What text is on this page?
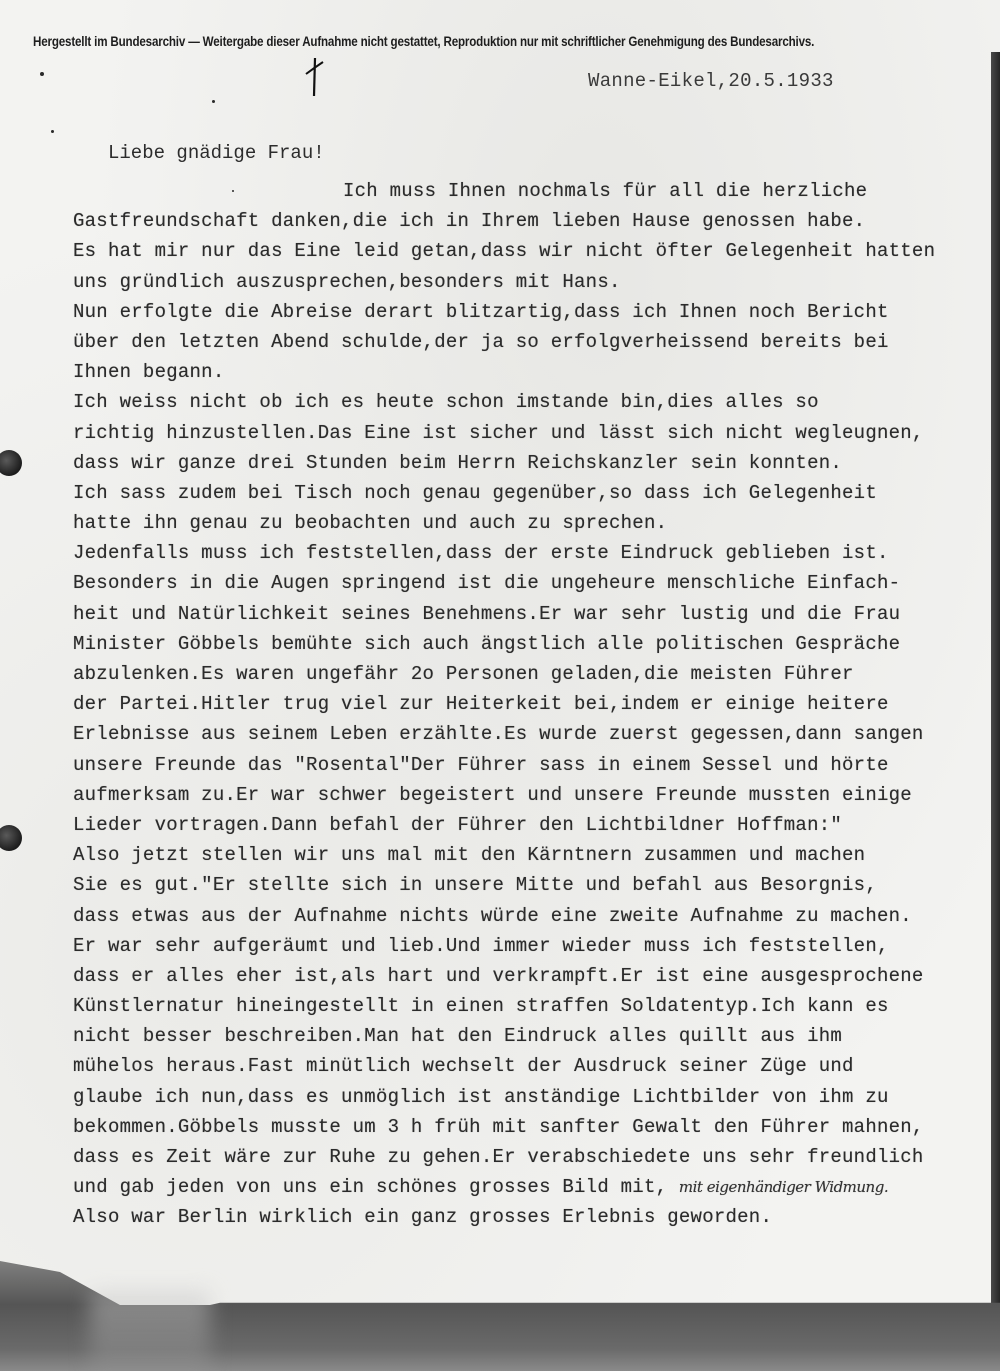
Hergestellt im Bundesarchiv — Weitergabe dieser Aufnahme nicht gestattet, Reproduktion nur mit schriftlicher Genehmigung des Bundesarchivs.
Wanne-Eikel,20.5.1933
Liebe gnädige Frau!
Ich muss Ihnen nochmals für all die herzliche
Gastfreundschaft danken,die ich in Ihrem lieben Hause genossen habe.
Es hat mir nur das Eine leid getan,dass wir nicht öfter Gelegenheit hatten
uns gründlich auszusprechen,besonders mit Hans.
Nun erfolgte die Abreise derart blitzartig,dass ich Ihnen noch Bericht
über den letzten Abend schulde,der ja so erfolgverheissend bereits bei
Ihnen begann.
Ich weiss nicht ob ich es heute schon imstande bin,dies alles so
richtig hinzustellen.Das Eine ist sicher und lässt sich nicht wegleugnen,
dass wir ganze drei Stunden beim Herrn Reichskanzler sein konnten.
Ich sass zudem bei Tisch noch genau gegenüber,so dass ich Gelegenheit
hatte ihn genau zu beobachten und auch zu sprechen.
Jedenfalls muss ich feststellen,dass der erste Eindruck geblieben ist.
Besonders in die Augen springend ist die ungeheure menschliche Einfach-
heit und Natürlichkeit seines Benehmens.Er war sehr lustig und die Frau
Minister Göbbels bemühte sich auch ängstlich alle politischen Gespräche
abzulenken.Es waren ungefähr 2o Personen geladen,die meisten Führer
der Partei.Hitler trug viel zur Heiterkeit bei,indem er einige heitere
Erlebnisse aus seinem Leben erzählte.Es wurde zuerst gegessen,dann sangen
unsere Freunde das "Rosental"Der Führer sass in einem Sessel und hörte
aufmerksam zu.Er war schwer begeistert und unsere Freunde mussten einige
Lieder vortragen.Dann befahl der Führer den Lichtbildner Hoffman:"
Also jetzt stellen wir uns mal mit den Kärntnern zusammen und machen
Sie es gut."Er stellte sich in unsere Mitte und befahl aus Besorgnis,
dass etwas aus der Aufnahme nichts würde eine zweite Aufnahme zu machen.
Er war sehr aufgeräumt und lieb.Und immer wieder muss ich feststellen,
dass er alles eher ist,als hart und verkrampft.Er ist eine ausgesprochene
Künstlernatur hineingestellt in einen straffen Soldatentyp.Ich kann es
nicht besser beschreiben.Man hat den Eindruck alles quillt aus ihm
mühelos heraus.Fast minütlich wechselt der Ausdruck seiner Züge und
glaube ich nun,dass es unmöglich ist anständige Lichtbilder von ihm zu
bekommen.Göbbels musste um 3 h früh mit sanfter Gewalt den Führer mahnen,
dass es Zeit wäre zur Ruhe zu gehen.Er verabschiedete uns sehr freundlich
und gab jeden von uns ein schönes grosses Bild mit, mit eigenhändiger Widmung.
Also war Berlin wirklich ein ganz grosses Erlebnis geworden.
